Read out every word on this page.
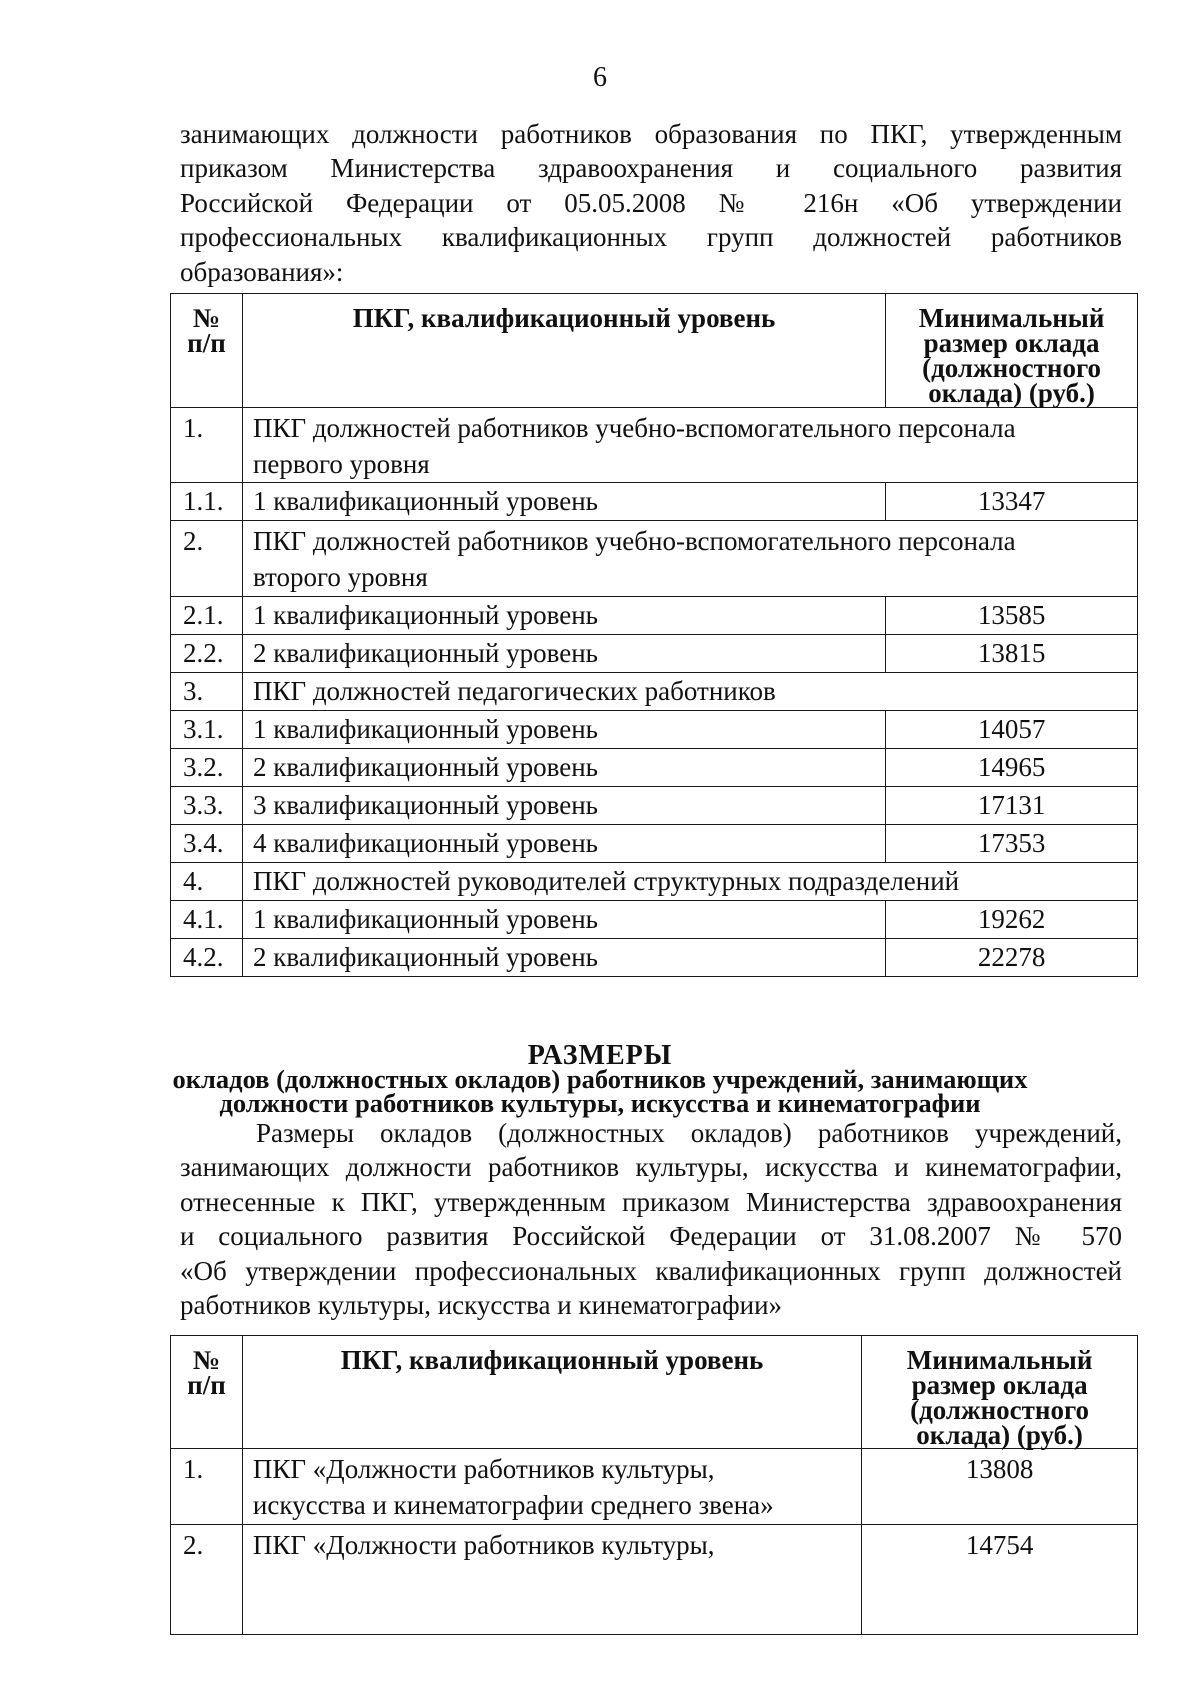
6
занимающих должности работников образования по ПКГ, утвержденным
приказом Министерства здравоохранения и социального развития
Российской Федерации от 05.05.2008 № 216н «Об утверждении
профессиональных квалификационных групп должностей работников
образования»:
№
п/п	ПКГ, квалификационный уровень	Минимальный
размер оклада
(должностного
оклада) (руб.)

1.	ПКГ должностей работников учебно-вспомогательного персонала
первого уровня	

1.1.	1 квалификационный уровень	13347
2.	ПКГ должностей работников учебно-вспомогательного персонала
второго уровня	

2.1.	1 квалификационный уровень	13585
2.2.	2 квалификационный уровень	13815
3.	ПКГ должностей педагогических работников	
3.1.	1 квалификационный уровень	14057
3.2.	2 квалификационный уровень	14965
3.3.	3 квалификационный уровень	17131
3.4.	4 квалификационный уровень	17353
4.	ПКГ должностей руководителей структурных подразделений	
4.1.	1 квалификационный уровень	19262
4.2.	2 квалификационный уровень	22278
РАЗМЕРЫ
окладов (должностных окладов) работников учреждений, занимающих
должности работников культуры, искусства и кинематографии
Размеры окладов (должностных окладов) работников учреждений,
занимающих должности работников культуры, искусства и кинематографии,
отнесенные к ПКГ, утвержденным приказом Министерства здравоохранения
и социального развития Российской Федерации от 31.08.2007 № 570
«Об утверждении профессиональных квалификационных групп должностей
работников культуры, искусства и кинематографии»
№
п/п	ПКГ, квалификационный уровень	Минимальный
размер оклада
(должностного
оклада) (руб.)

1.	ПКГ «Должности работников культуры,
искусства и кинематографии среднего звена»	13808
2.	ПКГ «Должности работников культуры,	14754
